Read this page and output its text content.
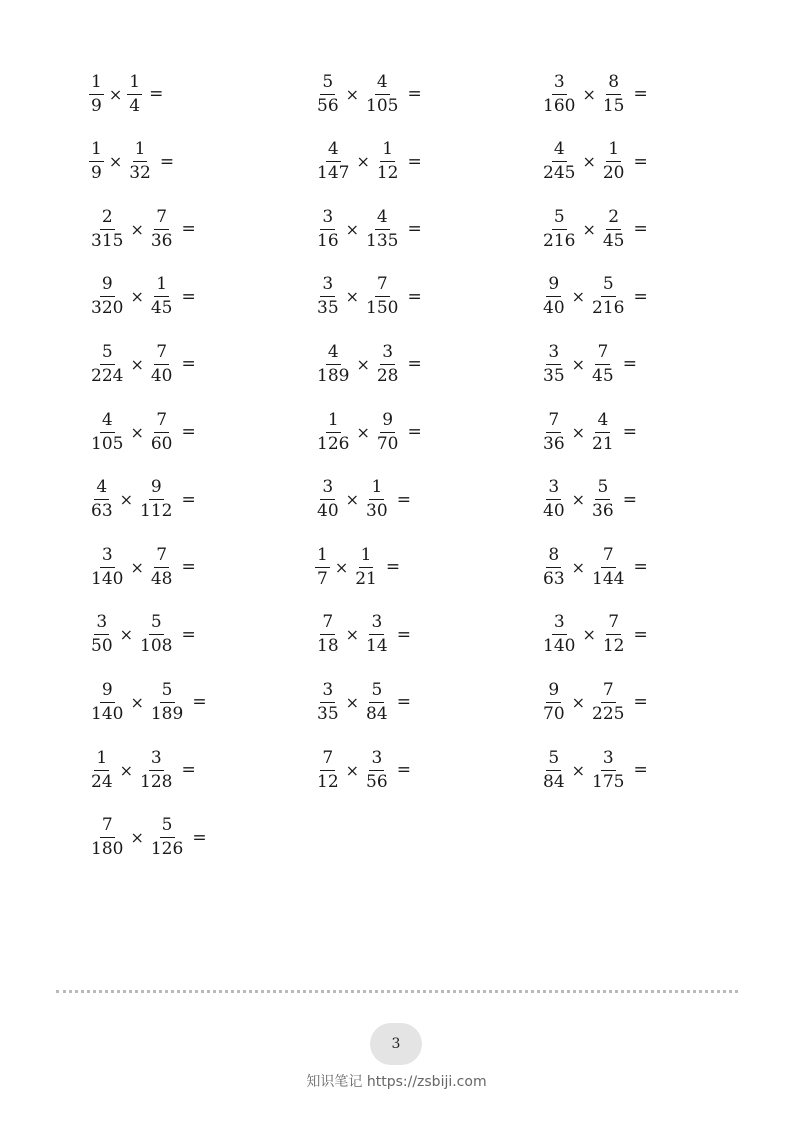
$\frac{1}{9} \times \frac{1}{4}$ =	$\frac{5}{56} \times \frac{4}{105}$ =	$\frac{3}{160} \times \frac{8}{15}$ =
$\frac{1}{9} \times \frac{1}{32}$ =	$\frac{4}{147} \times \frac{1}{12}$ =	$\frac{4}{245} \times \frac{1}{20}$ =
$\frac{2}{315} \times \frac{7}{36}$ =	$\frac{3}{16} \times \frac{4}{135}$ =	$\frac{5}{216} \times \frac{2}{45}$ =
$\frac{9}{320} \times \frac{1}{45}$ =	$\frac{3}{35} \times \frac{7}{150}$ =	$\frac{9}{40} \times \frac{5}{216}$ =
$\frac{5}{224} \times \frac{7}{40}$ =	$\frac{4}{189} \times \frac{3}{28}$ =	$\frac{3}{35} \times \frac{7}{45}$ =
$\frac{4}{105} \times \frac{7}{60}$ =	$\frac{1}{126} \times \frac{9}{70}$ =	$\frac{7}{36} \times \frac{4}{21}$ =
$\frac{4}{63} \times \frac{9}{112}$ =	$\frac{3}{40} \times \frac{1}{30}$ =	$\frac{3}{40} \times \frac{5}{36}$ =
$\frac{3}{140} \times \frac{7}{48}$ =	$\frac{1}{7} \times \frac{1}{21}$ =	$\frac{8}{63} \times \frac{7}{144}$ =
$\frac{3}{50} \times \frac{5}{108}$ =	$\frac{7}{18} \times \frac{3}{14}$ =	$\frac{3}{140} \times \frac{7}{12}$ =
$\frac{9}{140} \times \frac{5}{189}$ =	$\frac{3}{35} \times \frac{5}{84}$ =	$\frac{9}{70} \times \frac{7}{225}$ =
$\frac{1}{24} \times \frac{3}{128}$ =	$\frac{7}{12} \times \frac{3}{56}$ =	$\frac{5}{84} \times \frac{3}{175}$ =
$\frac{7}{180} \times \frac{5}{126}$ =
3
知识笔记 https://zsbiji.com
